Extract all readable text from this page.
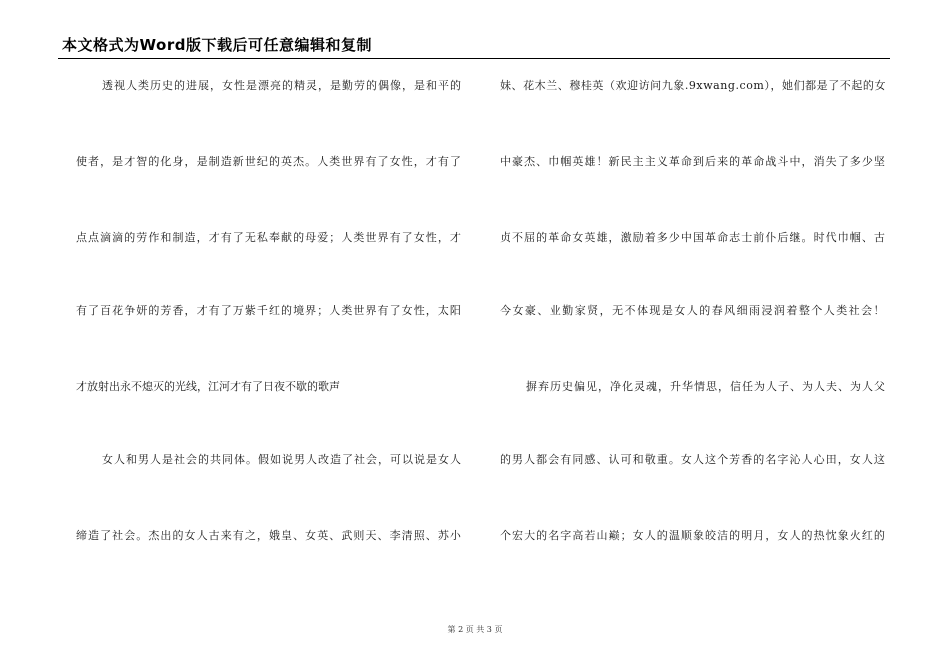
本文格式为Word版下载后可任意编辑和复制
透视人类历史的进展，女性是漂亮的精灵，是勤劳的偶像，是和平的
使者，是才智的化身，是制造新世纪的英杰。人类世界有了女性，才有了
点点滴滴的劳作和制造，才有了无私奉献的母爱；人类世界有了女性，才
有了百花争妍的芳香，才有了万紫千红的境界；人类世界有了女性，太阳
才放射出永不熄灭的光线，江河才有了日夜不歇的歌声
女人和男人是社会的共同体。假如说男人改造了社会，可以说是女人
缔造了社会。杰出的女人古来有之，娥皇、女英、武则天、李清照、苏小
妹、花木兰、穆桂英（欢迎访问九象.9xwang.com），她们都是了不起的女
中豪杰、巾帼英雄！新民主主义革命到后来的革命战斗中，消失了多少坚
贞不屈的革命女英雄，激励着多少中国革命志士前仆后继。时代巾帼、古
今女豪、业勤家贤，无不体现是女人的春风细雨浸润着整个人类社会！
摒弃历史偏见，净化灵魂，升华情思，信任为人子、为人夫、为人父
的男人都会有同感、认可和敬重。女人这个芳香的名字沁人心田，女人这
个宏大的名字高若山巅；女人的温顺象皎洁的明月，女人的热忱象火红的
第 2 页 共 3 页
